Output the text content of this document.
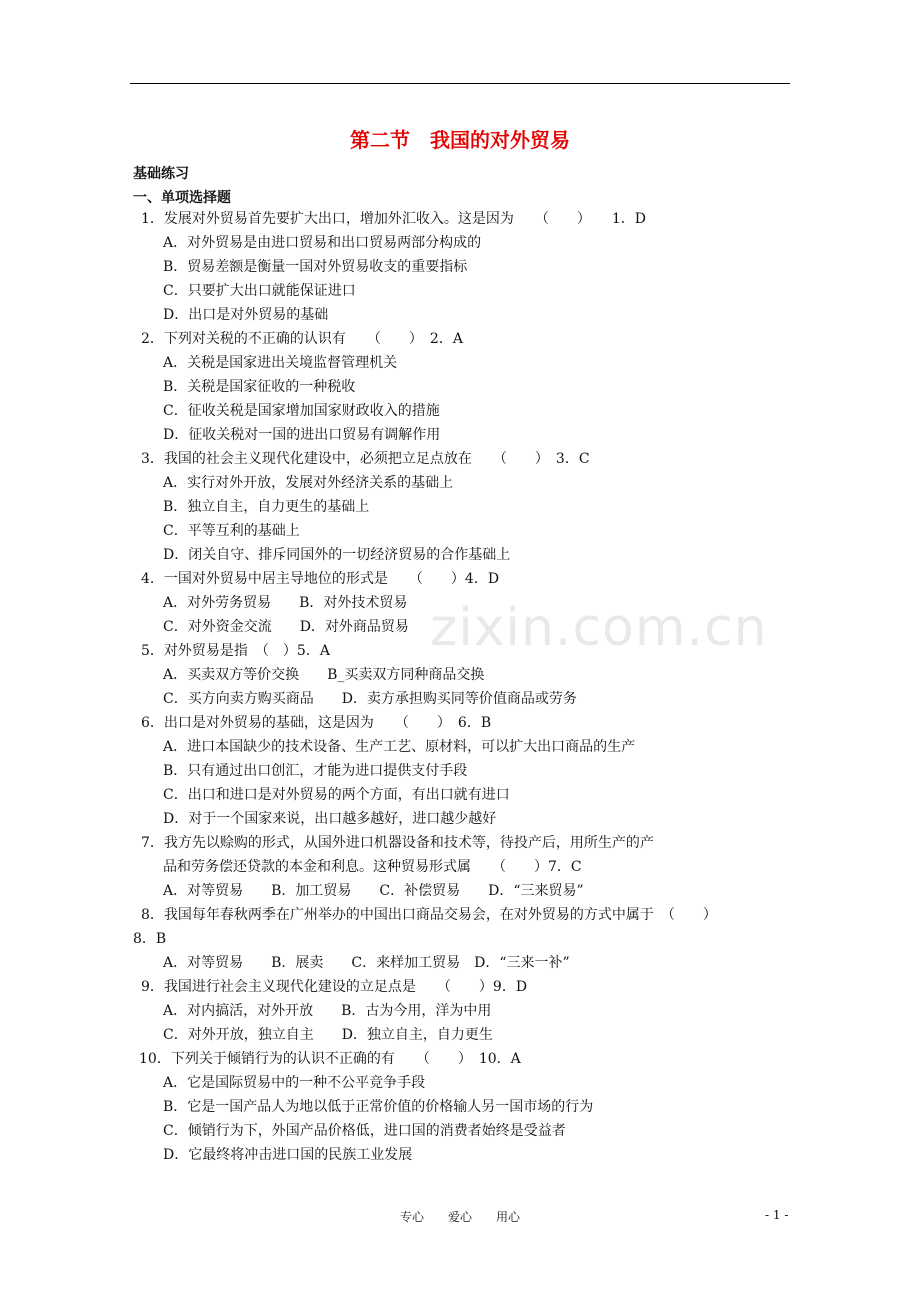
第二节　我国的对外贸易
基础练习
一、单项选择题
1．发展对外贸易首先要扩大出口，增加外汇收入。这是因为　　（　　）　　1．D
A．对外贸易是由进口贸易和出口贸易两部分构成的
B．贸易差额是衡量一国对外贸易收支的重要指标
C．只要扩大出口就能保证进口
D．出口是对外贸易的基础
2．下列对关税的不正确的认识有　　（　　）　2．A
A．关税是国家进出关境监督管理机关
B．关税是国家征收的一种税收
C．征收关税是国家增加国家财政收入的措施
D．征收关税对一国的进出口贸易有调解作用
3．我国的社会主义现代化建设中，必须把立足点放在　　（　　）　3．C
A．实行对外开放，发展对外经济关系的基础上
B．独立自主，自力更生的基础上
C．平等互利的基础上
D．闭关自守、排斥同国外的一切经济贸易的合作基础上
4．一国对外贸易中居主导地位的形式是　　（　　）4．D
A．对外劳务贸易　　B．对外技术贸易
C．对外资金交流　　D．对外商品贸易
5．对外贸易是指　（　）5．A
A．买卖双方等价交换　　B_买卖双方同种商品交换
C．买方向卖方购买商品　　D．卖方承担购买同等价值商品或劳务
6．出口是对外贸易的基础，这是因为　　（　　）　6．B
A．进口本国缺少的技术设备、生产工艺、原材料，可以扩大出口商品的生产
B．只有通过出口创汇，才能为进口提供支付手段
C．出口和进口是对外贸易的两个方面，有出口就有进口
D．对于一个国家来说，出口越多越好，进口越少越好
7．我方先以赊购的形式，从国外进口机器设备和技术等，待投产后，用所生产的产
品和劳务偿还贷款的本金和利息。这种贸易形式属　　（　　）7．C
A．对等贸易　　B．加工贸易　　C．补偿贸易　　D．“三来贸易”
8．我国每年春秋两季在广州举办的中国出口商品交易会，在对外贸易的方式中属于　（　　）
8．B
A．对等贸易　　B．展卖　　C．来样加工贸易　D．“三来一补”
9．我国进行社会主义现代化建设的立足点是　　（　　）9．D
A．对内搞活，对外开放　　B．古为今用，洋为中用
C．对外开放，独立自主　　D．独立自主，自力更生
10．下列关于倾销行为的认识不正确的有　　（　　）　10．A
A．它是国际贸易中的一种不公平竞争手段
B．它是一国产品人为地以低于正常价值的价格输人另一国市场的行为
C．倾销行为下，外国产品价格低，进口国的消费者始终是受益者
D．它最终将冲击进口国的民族工业发展
zixin.com.cn
专心　　爱心　　用心	- 1 -
